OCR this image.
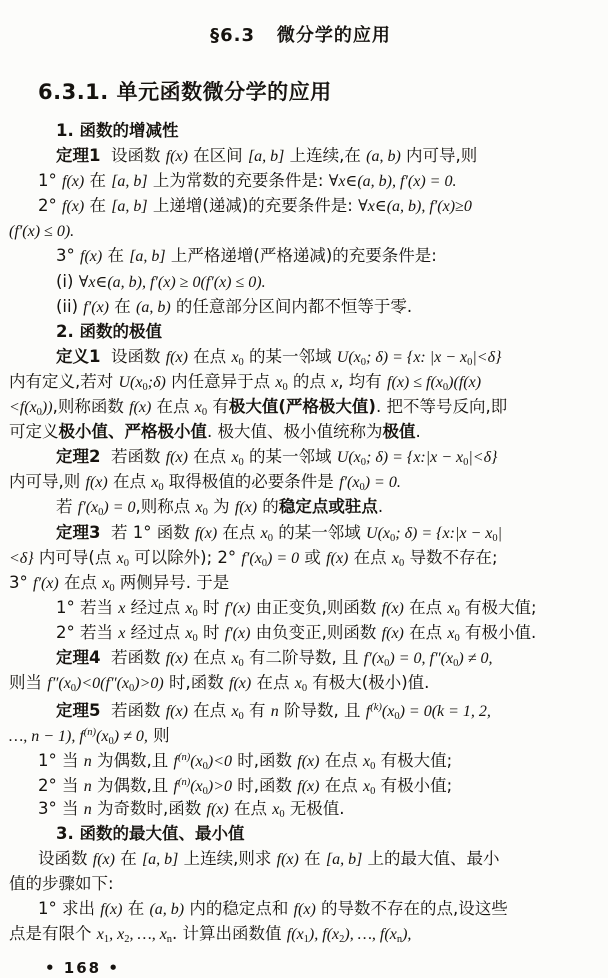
§6.3   微分学的应用
6.3.1. 单元函数微分学的应用
1. 函数的增减性
定理1  设函数 f(x) 在区间 [a, b] 上连续,在 (a, b) 内可导,则
1° f(x) 在 [a, b] 上为常数的充要条件是: ∀x∈(a, b), f′(x) = 0.
2° f(x) 在 [a, b] 上递增(递减)的充要条件是: ∀x∈(a, b), f′(x)≥0
(f′(x) ≤ 0).
3° f(x) 在 [a, b] 上严格递增(严格递减)的充要条件是:
(i) ∀x∈(a, b), f′(x) ≥ 0(f′(x) ≤ 0).
(ii) f′(x) 在 (a, b) 的任意部分区间内都不恒等于零.
2. 函数的极值
定义1  设函数 f(x) 在点 $x_0$ 的某一邻域 $U(x_0$; δ) = {x: $|x - x_0|<\delta$}
内有定义,若对 $U(x_0;\delta)$ 内任意异于点 $x_0$ 的点 x, 均有 $f(x) \le f(x_0)(f(x)$
$<f(x_0)$),则称函数 f(x) 在点 $x_0$ 有极大值(严格极大值). 把不等号反向,即
可定义极小值、严格极小值. 极大值、极小值统称为极值.
定理2  若函数 f(x) 在点 $x_0$ 的某一邻域 $U(x_0$; δ) = {x:|x − $x_0|<\delta$}
内可导,则 f(x) 在点 $x_0$ 取得极值的必要条件是 $f'(x_0) = 0$.
若 $f'(x_0) = 0$,则称点 $x_0$ 为 f(x) 的稳定点或驻点.
定理3  若 1° 函数 f(x) 在点 $x_0$ 的某一邻域 $U(x_0$; δ) = {x:|x − $x_0|$
<δ} 内可导(点 $x_0$ 可以除外); 2° $f'(x_0) = 0$ 或 f(x) 在点 $x_0$ 导数不存在;
3° f′(x) 在点 $x_0$ 两侧异号. 于是
1° 若当 x 经过点 $x_0$ 时 f′(x) 由正变负,则函数 f(x) 在点 $x_0$ 有极大值;
2° 若当 x 经过点 $x_0$ 时 f′(x) 由负变正,则函数 f(x) 在点 $x_0$ 有极小值.
定理4  若函数 f(x) 在点 $x_0$ 有二阶导数, 且 $f'(x_0) = 0$, $f''(x_0) \ne 0$,
则当 $f''(x_0)<0(f''(x_0)>0)$ 时,函数 f(x) 在点 $x_0$ 有极大(极小)值.
定理5  若函数 f(x) 在点 $x_0$ 有 n 阶导数, 且 $f^{(k)}(x_0) = 0(k = 1$, 2,
…, n − 1), $f^{(n)}(x_0) \ne 0$, 则
1° 当 n 为偶数,且 $f^{(n)}(x_0)<0$ 时,函数 f(x) 在点 $x_0$ 有极大值;
2° 当 n 为偶数,且 $f^{(n)}(x_0)>0$ 时,函数 f(x) 在点 $x_0$ 有极小值;
3° 当 n 为奇数时,函数 f(x) 在点 $x_0$ 无极值.
3. 函数的最大值、最小值
设函数 f(x) 在 [a, b] 上连续,则求 f(x) 在 [a, b] 上的最大值、最小
值的步骤如下:
1° 求出 f(x) 在 (a, b) 内的稳定点和 f(x) 的导数不存在的点,设这些
点是有限个 $x_1$, $x_2$, …, $x_n$. 计算出函数值 $f(x_1)$, $f(x_2)$, …, $f(x_n)$,
• 168 •
